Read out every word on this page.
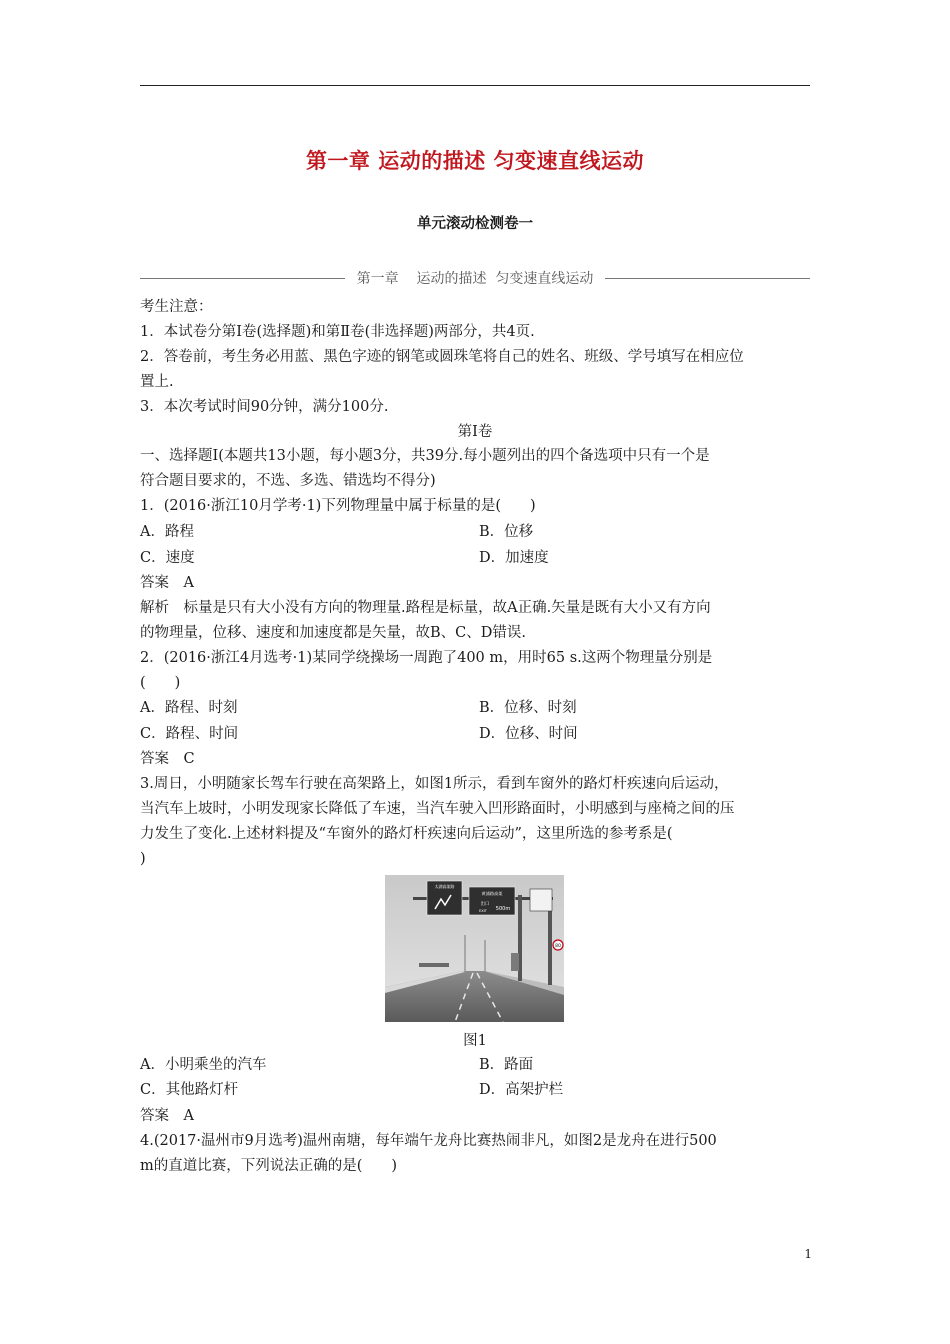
第一章 运动的描述 匀变速直线运动
单元滚动检测卷一
第一章    运动的描述  匀变速直线运动
考生注意：
1．本试卷分第Ⅰ卷(选择题)和第Ⅱ卷(非选择题)两部分，共4页.
2．答卷前，考生务必用蓝、黑色字迹的钢笔或圆珠笔将自己的姓名、班级、学号填写在相应位
置上.
3．本次考试时间90分钟，满分100分.
第Ⅰ卷
一、选择题Ⅰ(本题共13小题，每小题3分，共39分.每小题列出的四个备选项中只有一个是
符合题目要求的，不选、多选、错选均不得分)
1．(2016·浙江10月学考·1)下列物理量中属于标量的是(　　)
A．路程	B．位移
C．速度	D．加速度
答案　A
解析　标量是只有大小没有方向的物理量.路程是标量，故A正确.矢量是既有大小又有方向
的物理量，位移、速度和加速度都是矢量，故B、C、D错误.
2．(2016·浙江4月选考·1)某同学绕操场一周跑了400 m，用时65 s.这两个物理量分别是
(　　)
A．路程、时刻	B．位移、时刻
C．路程、时间	D．位移、时间
答案　C
3.周日，小明随家长驾车行驶在高架路上，如图1所示，看到车窗外的路灯杆疾速向后运动，
当汽车上坡时，小明发现家长降低了车速，当汽车驶入凹形路面时，小明感到与座椅之间的压
力发生了变化.上述材料提及“车窗外的路灯杆疾速向后运动”，这里所选的参考系是(
)
太湖高架路
黄浦路高架
出口
EXIT 500m
80
图1
A．小明乘坐的汽车	B．路面
C．其他路灯杆	D．高架护栏
答案　A
4.(2017·温州市9月选考)温州南塘，每年端午龙舟比赛热闹非凡，如图2是龙舟在进行500
m的直道比赛，下列说法正确的是(　　)
1
